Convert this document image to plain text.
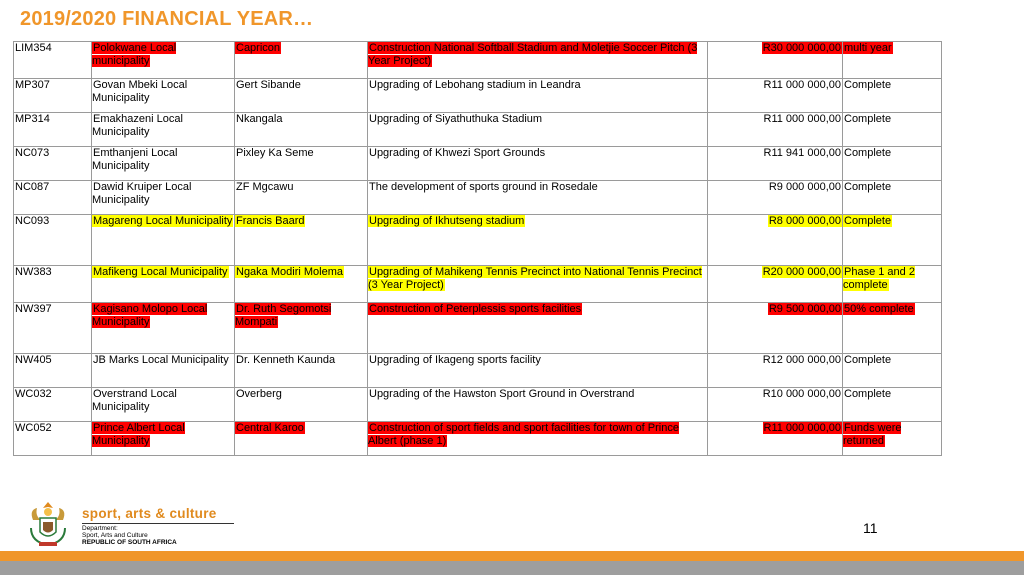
2019/2020 FINANCIAL YEAR…
LIM354	Polokwane Local municipality	Capricon	Construction National Softball Stadium and Moletjie Soccer Pitch (3 Year Project)	R30 000 000,00	multi year
MP307	Govan Mbeki Local Municipality	Gert Sibande	Upgrading of Lebohang stadium in Leandra	R11 000 000,00	Complete
MP314	Emakhazeni Local Municipality	Nkangala	Upgrading of Siyathuthuka Stadium	R11 000 000,00	Complete
NC073	Emthanjeni Local Municipality	Pixley Ka Seme	Upgrading of Khwezi Sport Grounds	R11 941 000,00	Complete
NC087	Dawid Kruiper Local Municipality	ZF Mgcawu	The development of sports ground in Rosedale	R9 000 000,00	Complete
NC093	Magareng Local Municipality	Francis Baard	Upgrading of Ikhutseng stadium	R8 000 000,00	Complete
NW383	Mafikeng Local Municipality	Ngaka Modiri Molema	Upgrading of Mahikeng Tennis Precinct into National Tennis Precinct (3 Year Project)	R20 000 000,00	Phase 1 and 2 complete
NW397	Kagisano Molopo Local Municipality	Dr. Ruth Segomotsi Mompati	Construction of Peterplessis sports facilities	R9 500 000,00	50% complete
NW405	JB Marks Local Municipality	Dr. Kenneth Kaunda	Upgrading of Ikageng sports facility	R12 000 000,00	Complete
WC032	Overstrand Local Municipality	Overberg	Upgrading of the Hawston Sport Ground in Overstrand	R10 000 000,00	Complete
WC052	Prince Albert Local Municipality	Central Karoo	Construction of sport fields and sport facilities for town of Prince Albert (phase 1)	R11 000 000,00	Funds were returned
sport, arts & culture
Department:
Sport, Arts and Culture
REPUBLIC OF SOUTH AFRICA
11
